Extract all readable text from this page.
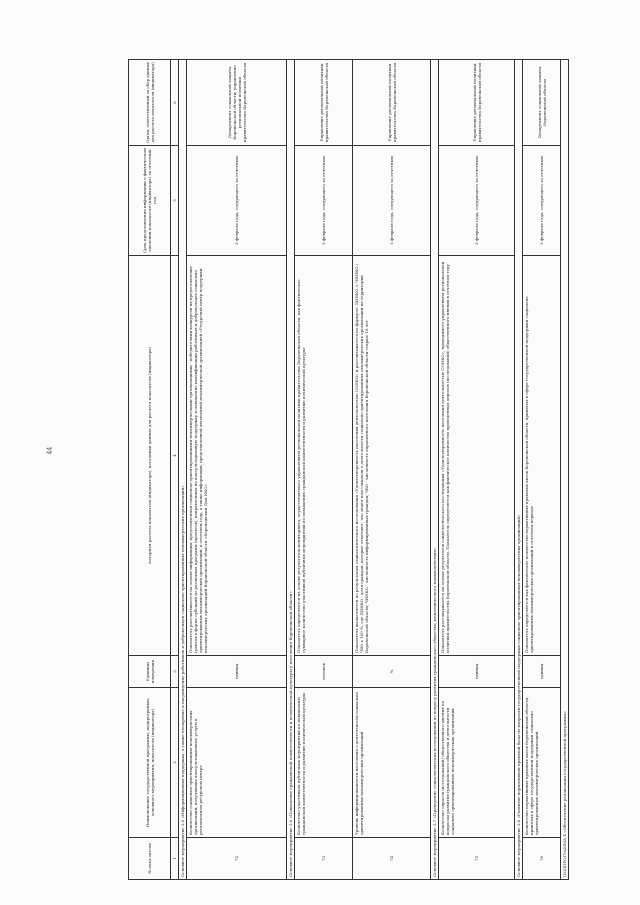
44
№ пока-зателя	Наименование государственной программы, подпрограммы, основного мероприятия, показателя (индикатора)	Единицы измерения	Алгоритм расчета показателя (индикатора), источники данных для расчета показателя (индикатора)	Срок представления информации о фактическом значении показателя (индикатора) за отчетный год	Орган, ответственный за сбор данных для расчета показателя (индикатора)
1	2	3	4	5	6
Основное мероприятие 3.5 «Информационная поддержка, а также поощрение и награждение работников и добровольцев социально ориентированных некоммерческих организаций»					
72	Количество социально ориентированных некоммерческих организаций, получивших консультационные услуги в региональном ресурсном центре	единиц	Показатель рассчитывается на основе информации, представленной социально ориентированными некоммерческими организациями - победителями конкурсов на предоставление грантов в форме субсидий из различных программ (проектов), направленных на консультационную поддержку и повышение квалификации работников и добровольцев социально ориентированных некоммерческих организаций, в отчетном году, а также информации, представленной автономной некоммерческой организацией «Ресурсный центр поддержки некоммерческих организаций Воронежской области «Воронежский Дом НКО»	5 февраля года, следующего за отчетным	Департамент социальной защиты Воронежской области; управление региональной политики правительства Воронежской области
Основное мероприятие 3.6 «Повышение гражданской компетентности и политической культуры у населения Воронежской области»					
73	Количество участников публичных мероприятий по повышению гражданской компетентности и развитию политической культуры	человек	Показатель определяется на основе результатов мониторинга, осуществляемого управлением региональной политики правительства Воронежской области, как фактическое суммарное количество участников публичных мероприятий по повышению гражданской компетентности и развитию политической культуры	5 февраля года, следующего за отчетным	Управление региональной политики правительства Воронежской области
74	Уровень информированности населения о деятельности социально ориентированных некоммерческих организаций	%	Показатель вычисляется по результатам социологического исследования «Удовлетворенность населения деятельностью СОНКО» и рассчитывается по формуле: ДИНКО = ЧИНКО / ЧВО х 100 %, где ДИНКО - доля граждан, которые отмечают, что знают или слышали о деятельности социально ориентированных некоммерческих организаций на территории Воронежской области; ЧИНКО - численность информированных граждан; ЧВО - численность опрошенного населения Воронежской области старше 18 лет	5 февраля года, следующего за отчетным	Управление региональной политики правительства Воронежской области
Основное мероприятие 3.7 «Проведение социологических исследований по вопросу развития гражданского общества, межэтнического взаимодействия»					
75	Количество опросов (исследований) общественного мнения по вопросам развития гражданского общества и деятельности социально ориентированных некоммерческих организаций	единиц	Показатель рассчитывается на основе результатов социологического исследования «Удовлетворенность населения деятельностью СОНКО», проводимого управлением региональной политики правительства Воронежской области. Показатель определяется как фактическое количество проведенных опросов (исследований) общественного мнения в отчетном году	5 февраля года, следующего за отчетным	Управление региональной политики правительства Воронежской области
Основное мероприятие 3.8 «Развитие нормативной правовой базы по вопросам государственной поддержки социально ориентированных некоммерческих организаций»					
76	Количество нормативных правовых актов Воронежской области, принятых в сфере государственной поддержки социально ориентированных некоммерческих организаций	единиц	Показатель определяется как фактическое количество нормативных правовых актов Воронежской области, принятых в сфере государственной поддержки социально ориентированных некоммерческих организаций в отчетном периоде	5 февраля года, следующего за отчетным	Департамент социальной защиты Воронежской области
ПОДПРОГРАММА 4 «Обеспечение реализации государственной программы»					
